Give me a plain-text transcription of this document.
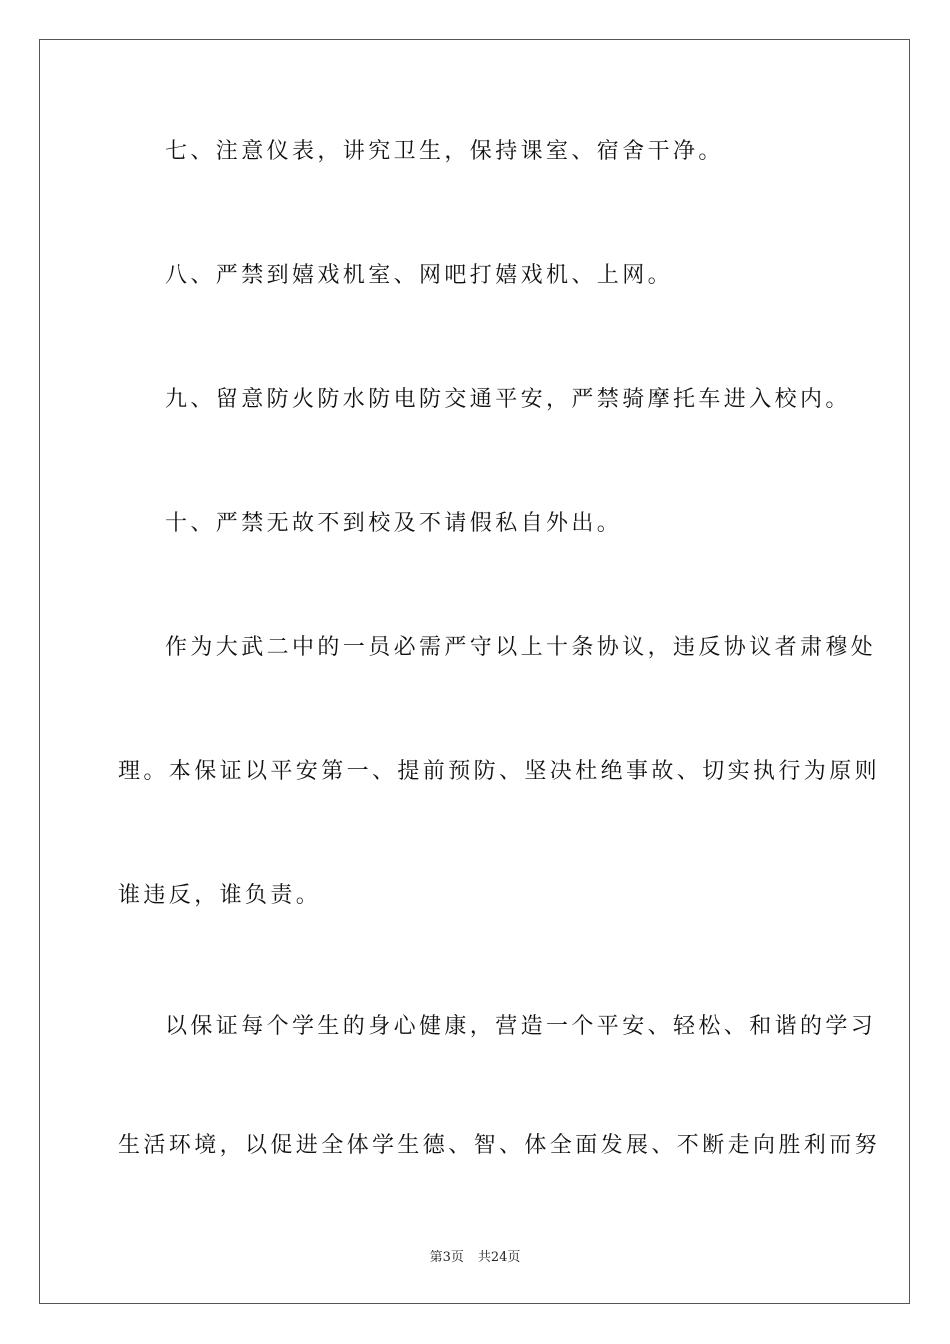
七、注意仪表，讲究卫生，保持课室、宿舍干净。
八、严禁到嬉戏机室、网吧打嬉戏机、上网。
九、留意防火防水防电防交通平安，严禁骑摩托车进入校内。
十、严禁无故不到校及不请假私自外出。
作为大武二中的一员必需严守以上十条协议，违反协议者肃穆处
理。本保证以平安第一、提前预防、坚决杜绝事故、切实执行为原则
谁违反，谁负责。
以保证每个学生的身心健康，营造一个平安、轻松、和谐的学习
生活环境，以促进全体学生德、智、体全面发展、不断走向胜利而努
第3页 共24页
